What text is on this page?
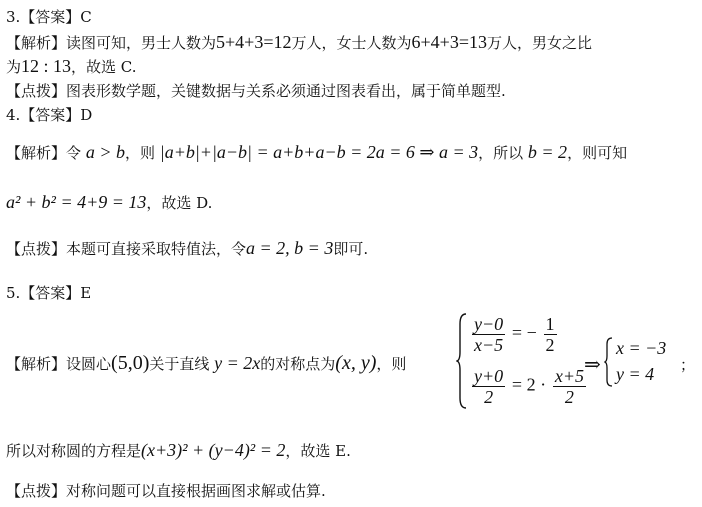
3.【答案】C
【解析】读图可知，男士人数为5+4+3=12万人，女士人数为6+4+3=13万人，男女之比
为12 : 13，故选 C.
【点拨】图表形数学题，关键数据与关系必须通过图表看出，属于简单题型.
4.【答案】D
【解析】令 a > b，则 |a+b|+|a−b| = a+b+a−b = 2a = 6 ⇒ a = 3，所以 b = 2，则可知
a² + b² = 4+9 = 13，故选 D.
【点拨】本题可直接采取特值法，令a = 2, b = 3即可.
5.【答案】E
【解析】设圆心(5,0)关于直线 y = 2x的对称点为(x, y)，则
$\frac{y-0}{x-5}$ = − $\frac{1}{2}$
$\frac{y+0}{2} = 2 \cdot \frac{x+5}{2}$
⇒
x = −3
y = 4 ；
所以对称圆的方程是(x+3)² + (y−4)² = 2，故选 E.
【点拨】对称问题可以直接根据画图求解或估算.
